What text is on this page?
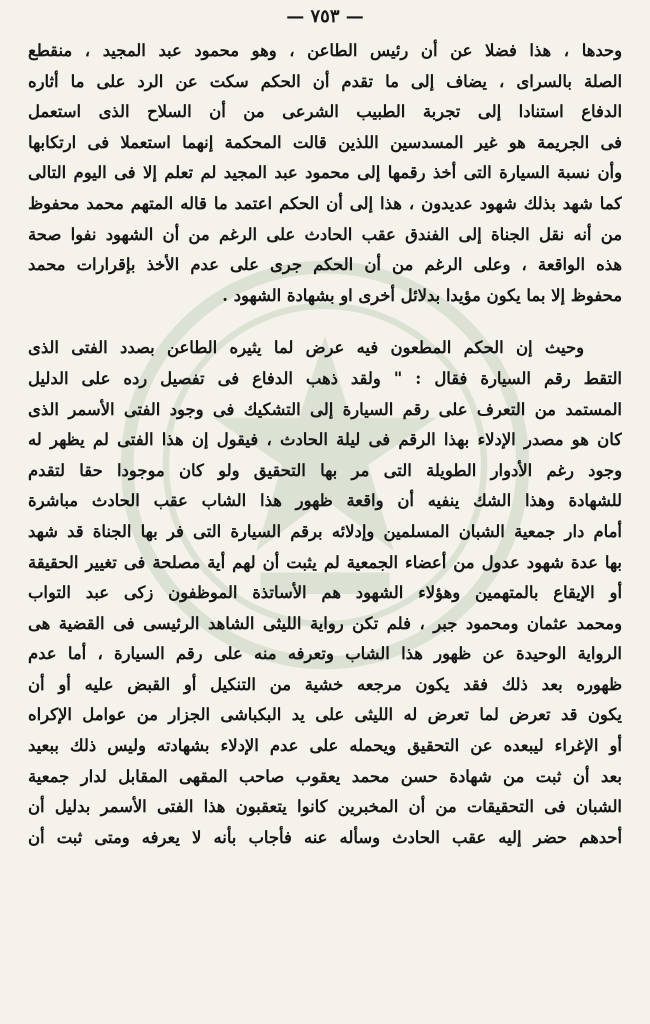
— ٧٥٣ —
وحدها ، هذا فضلا عن أن رئيس الطاعن ، وهو محمود عبد المجيد ، منقطع
الصلة بالسراى ، يضاف إلى ما تقدم أن الحكم سكت عن الرد على ما أثاره
الدفاع استنادا إلى تجربة الطبيب الشرعى من أن السلاح الذى استعمل
فى الجريمة هو غير المسدسين اللذين قالت المحكمة إنهما استعملا فى ارتكابها
وأن نسبة السيارة التى أخذ رقمها إلى محمود عبد المجيد لم تعلم إلا فى اليوم التالى
كما شهد بذلك شهود عديدون ، هذا إلى أن الحكم اعتمد ما قاله المتهم محمد محفوظ
من أنه نقل الجناة إلى الفندق عقب الحادث على الرغم من أن الشهود نفوا صحة
هذه الواقعة ، وعلى الرغم من أن الحكم جرى على عدم الأخذ بإقرارات محمد
محفوظ إلا بما يكون مؤيدا بدلائل أخرى او بشهادة الشهود .
وحيث إن الحكم المطعون فيه عرض لما يثيره الطاعن بصدد الفتى الذى
التقط رقم السيارة فقال : " ولقد ذهب الدفاع فى تفصيل رده على الدليل
المستمد من التعرف على رقم السيارة إلى التشكيك فى وجود الفتى الأسمر الذى
كان هو مصدر الإدلاء بهذا الرقم فى ليلة الحادث ، فيقول إن هذا الفتى لم يظهر له
وجود رغم الأدوار الطويلة التى مر بها التحقيق ولو كان موجودا حقا لتقدم
للشهادة وهذا الشك ينفيه أن واقعة ظهور هذا الشاب عقب الحادث مباشرة
أمام دار جمعية الشبان المسلمين وإدلائه برقم السيارة التى فر بها الجناة قد شهد
بها عدة شهود عدول من أعضاء الجمعية لم يثبت أن لهم أية مصلحة فى تغيير الحقيقة
أو الإيقاع بالمتهمين وهؤلاء الشهود هم الأساتذة الموظفون زكى عبد التواب
ومحمد عثمان ومحمود جبر ، فلم تكن رواية الليثى الشاهد الرئيسى فى القضية هى
الرواية الوحيدة عن ظهور هذا الشاب وتعرفه منه على رقم السيارة ، أما عدم
ظهوره بعد ذلك فقد يكون مرجعه خشية من التنكيل أو القبض عليه أو أن
يكون قد تعرض لما تعرض له الليثى على يد البكباشى الجزار من عوامل الإكراه
أو الإغراء ليبعده عن التحقيق ويحمله على عدم الإدلاء بشهادته وليس ذلك ببعيد
بعد أن ثبت من شهادة حسن محمد يعقوب صاحب المقهى المقابل لدار جمعية
الشبان فى التحقيقات من أن المخبرين كانوا يتعقبون هذا الفتى الأسمر بدليل أن
أحدهم حضر إليه عقب الحادث وسأله عنه فأجاب بأنه لا يعرفه ومتى ثبت أن
